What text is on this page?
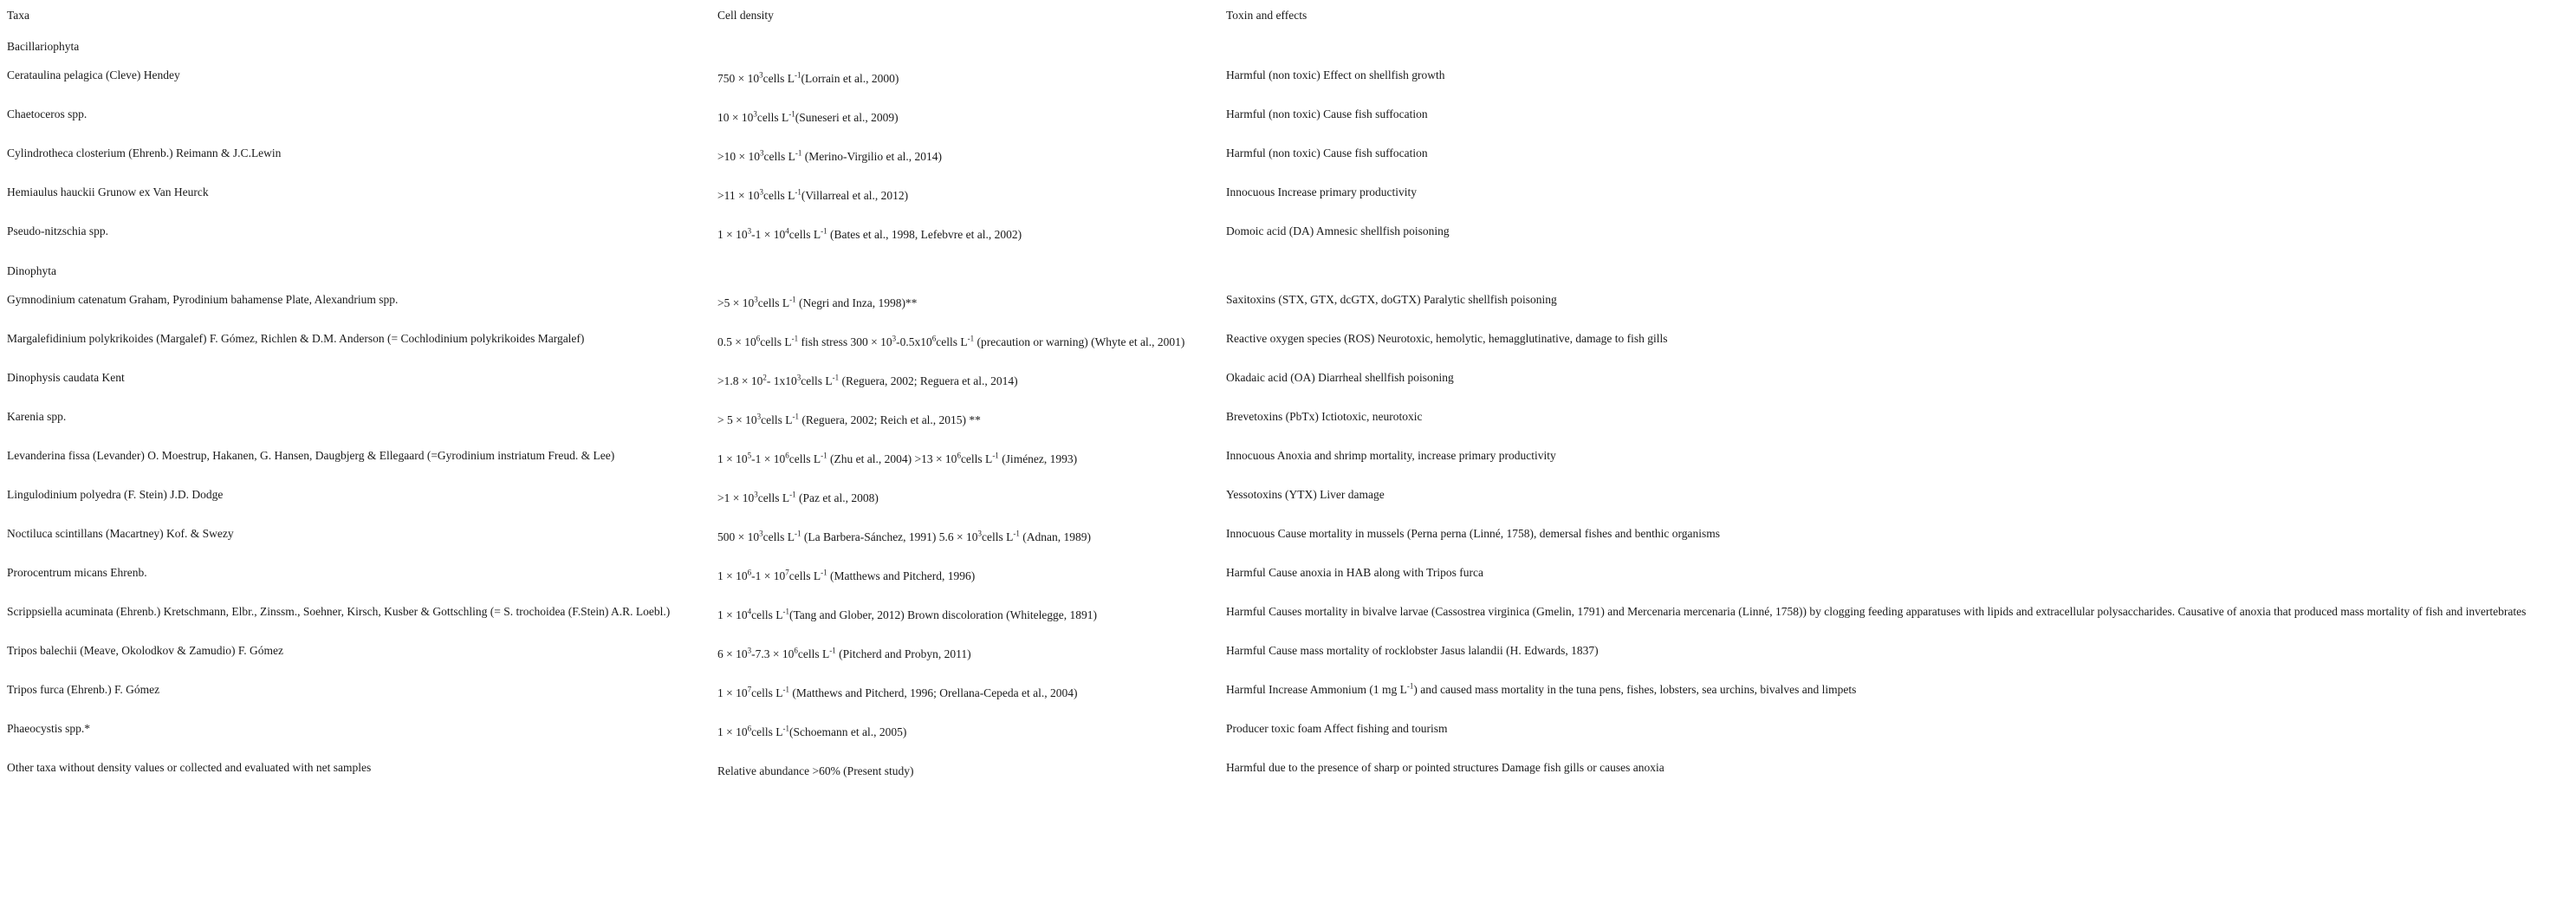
Taxa	Cell density	Toxin and effects
Bacillariophyta		
Cerataulina pelagica (Cleve) Hendey	$750 \times 10^3cells$ $L^{-1}(Lorrain$ et al., 2000)	Harmful (non toxic) Effect on shellfish growth
Chaetoceros spp.	$10 \times 10^3cells$ $L^{-1}(Suneseri$ et al., 2009)	Harmful (non toxic) Cause fish suffocation
Cylindrotheca closterium (Ehrenb.) Reimann & J.C.Lewin	$>10 \times 10^3cells$ $L^{-1}$ (Merino-Virgilio et al., 2014)	Harmful (non toxic) Cause fish suffocation
Hemiaulus hauckii Grunow ex Van Heurck	$>11 \times 10^3cells$ $L^{-1}(Villarreal$ et al., 2012)	Innocuous Increase primary productivity
Pseudo-nitzschia spp.	$1 \times 10^3-1$ × $10^4cells$ $L^{-1}$ (Bates et al., 1998, Lefebvre et al., 2002)	Domoic acid (DA) Amnesic shellfish poisoning
Dinophyta		
Gymnodinium catenatum Graham, Pyrodinium bahamense Plate, Alexandrium spp.	$>5 \times 10^3cells$ $L^{-1}$ (Negri and Inza, 1998)**	Saxitoxins (STX, GTX, dcGTX, doGTX) Paralytic shellfish poisoning
Margalefidinium polykrikoides (Margalef) F. Gómez, Richlen & D.M. Anderson (= Cochlodinium polykrikoides Margalef)	$0.5 \times 10^6cells$ $L^{-1}$ fish stress $300 \times 10^3-0.5x10^6cells$ $L^{-1}$ (precaution or warning) (Whyte et al., 2001)	Reactive oxygen species (ROS) Neurotoxic, hemolytic, hemagglutinative, damage to fish gills
Dinophysis caudata Kent	$>1.8 \times 10^2-$ $1x10^3cells$ $L^{-1}$ (Reguera, 2002; Reguera et al., 2014)	Okadaic acid (OA) Diarrheal shellfish poisoning
Karenia spp.	> $5 \times 10^3cells$ $L^{-1}$ (Reguera, 2002; Reich et al., 2015) **	Brevetoxins (PbTx) Ictiotoxic, neurotoxic
Levanderina fissa (Levander) O. Moestrup, Hakanen, G. Hansen, Daugbjerg & Ellegaard (=Gyrodinium instriatum Freud. & Lee)	$1 \times 10^5-1$ × $10^6cells$ $L^{-1}$ (Zhu et al., $2004) >13 \times 10^6cells$ $L^{-1}$ (Jiménez, 1993)	Innocuous Anoxia and shrimp mortality, increase primary productivity
Lingulodinium polyedra (F. Stein) J.D. Dodge	$>1 \times 10^3cells$ $L^{-1}$ (Paz et al., 2008)	Yessotoxins (YTX) Liver damage
Noctiluca scintillans (Macartney) Kof. & Swezy	$500 \times 10^3cells$ $L^{-1}$ (La Barbera-Sánchez, 1991) $5.6 \times 10^3cells$ $L^{-1}$ (Adnan, 1989)	Innocuous Cause mortality in mussels (Perna perna (Linné, 1758), demersal fishes and benthic organisms
Prorocentrum micans Ehrenb.	$1 \times 10^6-1$ × $10^7cells$ $L^{-1}$ (Matthews and Pitcherd, 1996)	Harmful Cause anoxia in HAB along with Tripos furca
Scrippsiella acuminata (Ehrenb.) Kretschmann, Elbr., Zinssm., Soehner, Kirsch, Kusber & Gottschling (= S. trochoidea (F.Stein) A.R. Loebl.)	$1 \times 10^4cells$ $L^{-1}(Tang$ and Glober, 2012) Brown discoloration (Whitelegge, 1891)	Harmful Causes mortality in bivalve larvae (Cassostrea virginica (Gmelin, 1791) and Mercenaria mercenaria (Linné, 1758)) by clogging feeding apparatuses with lipids and extracellular polysaccharides. Causative of anoxia that produced mass mortality of fish and invertebrates
Tripos balechii (Meave, Okolodkov & Zamudio) F. Gómez	$6 \times 10^3-7.3$ × $10^6cells$ $L^{-1}$ (Pitcherd and Probyn, 2011)	Harmful Cause mass mortality of rocklobster Jasus lalandii (H. Edwards, 1837)
Tripos furca (Ehrenb.) F. Gómez	$1 \times 10^7cells$ $L^{-1}$ (Matthews and Pitcherd, 1996; Orellana-Cepeda et al., 2004)	Harmful Increase Ammonium (1 mg $L^{-1}$) and caused mass mortality in the tuna pens, fishes, lobsters, sea urchins, bivalves and limpets
Phaeocystis spp.*	$1 \times 10^6cells$ $L^{-1}(Schoemann$ et al., 2005)	Producer toxic foam Affect fishing and tourism
Other taxa without density values or collected and evaluated with net samples	Relative abundance >60% (Present study)	Harmful due to the presence of sharp or pointed structures Damage fish gills or causes anoxia
